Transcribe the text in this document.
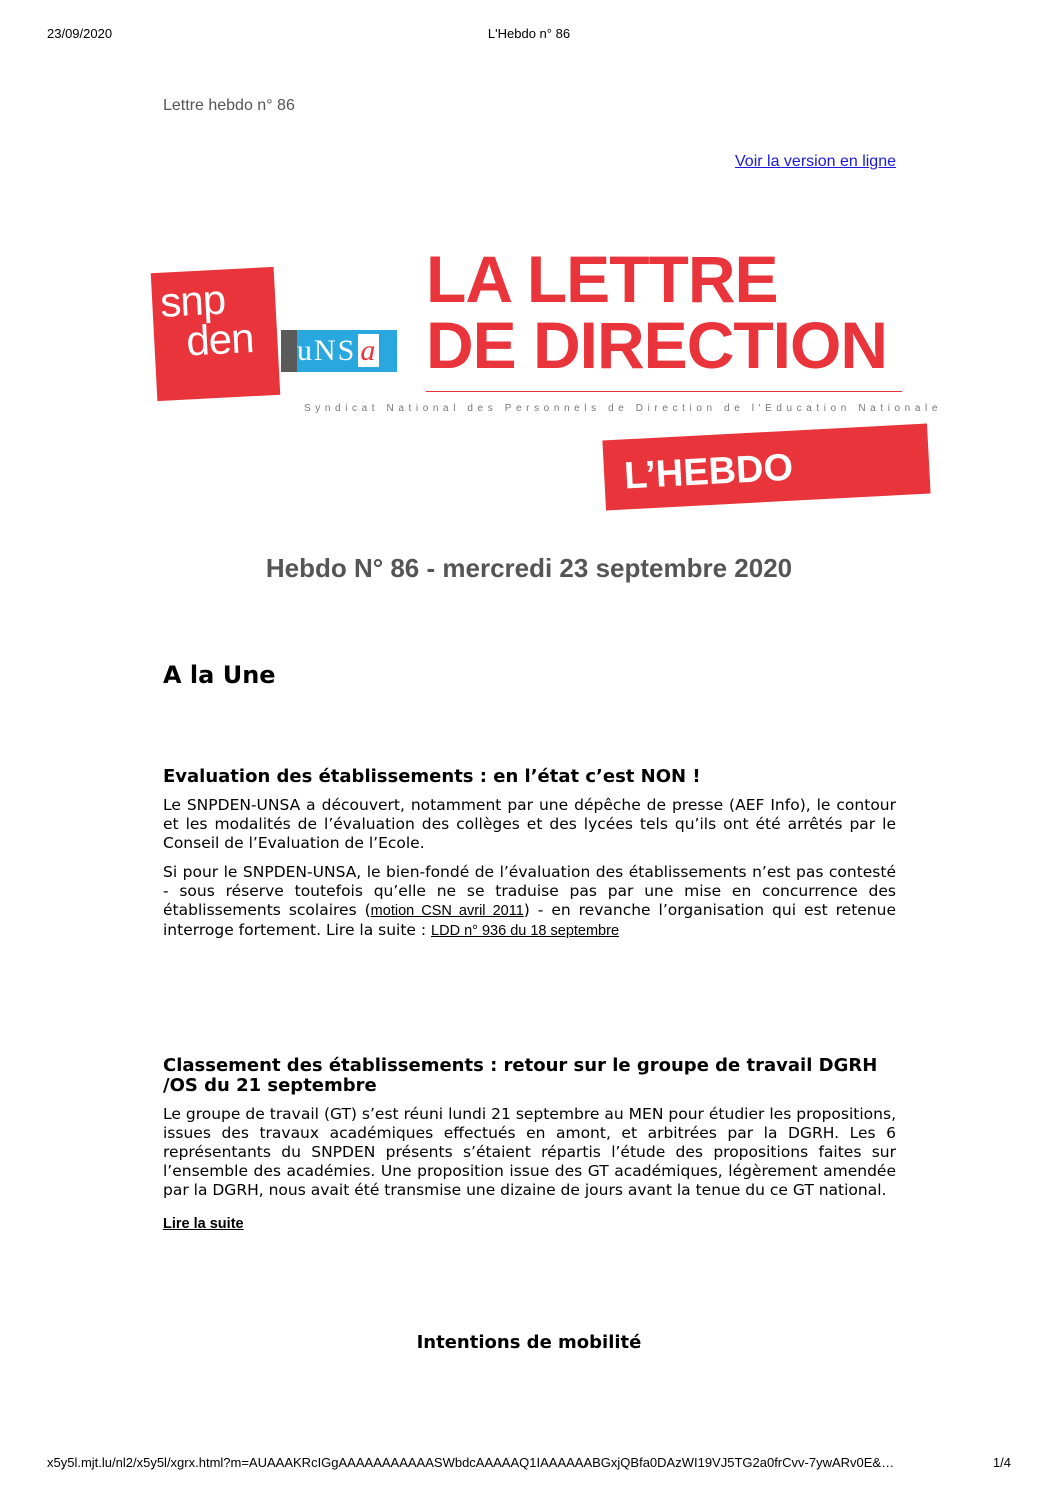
23/09/2020	L'Hebdo n° 86
Lettre hebdo n° 86
Voir la version en ligne
snp
den uNS a
LA LETTRE
DE DIRECTION
Syndicat National des Personnels de Direction de l'Education Nationale
L’HEBDO
Hebdo N° 86 - mercredi 23 septembre 2020
A la Une
Evaluation des établissements : en l’état c’est NON !

Le SNPDEN-UNSA a découvert, notamment par une dépêche de presse (AEF Info), le contour et les modalités de l’évaluation des collèges et des lycées tels qu’ils ont été arrêtés par le Conseil de l’Evaluation de l’Ecole.

Si pour le SNPDEN-UNSA, le bien-fondé de l’évaluation des établissements n’est pas contesté - sous réserve toutefois qu’elle ne se traduise pas par une mise en concurrence des établissements scolaires (motion CSN avril 2011) - en revanche l’organisation qui est retenue interroge fortement. Lire la suite : LDD n° 936 du 18 septembre

Classement des établissements : retour sur le groupe de travail DGRH /OS du 21 septembre

Le groupe de travail (GT) s’est réuni lundi 21 septembre au MEN pour étudier les propositions, issues des travaux académiques effectués en amont, et arbitrées par la DGRH. Les 6 représentants du SNPDEN présents s’étaient répartis l’étude des propositions faites sur l’ensemble des académies. Une proposition issue des GT académiques, légèrement amendée par la DGRH, nous avait été transmise une dizaine de jours avant la tenue du ce GT national.

Lire la suite

Intentions de mobilité
x5y5l.mjt.lu/nl2/x5y5l/xgrx.html?m=AUAAAKRcIGgAAAAAAAAAAASWbdcAAAAAQ1IAAAAAABGxjQBfa0DAzWI19VJ5TG2a0frCvv-7ywARv0E&…	1/4
